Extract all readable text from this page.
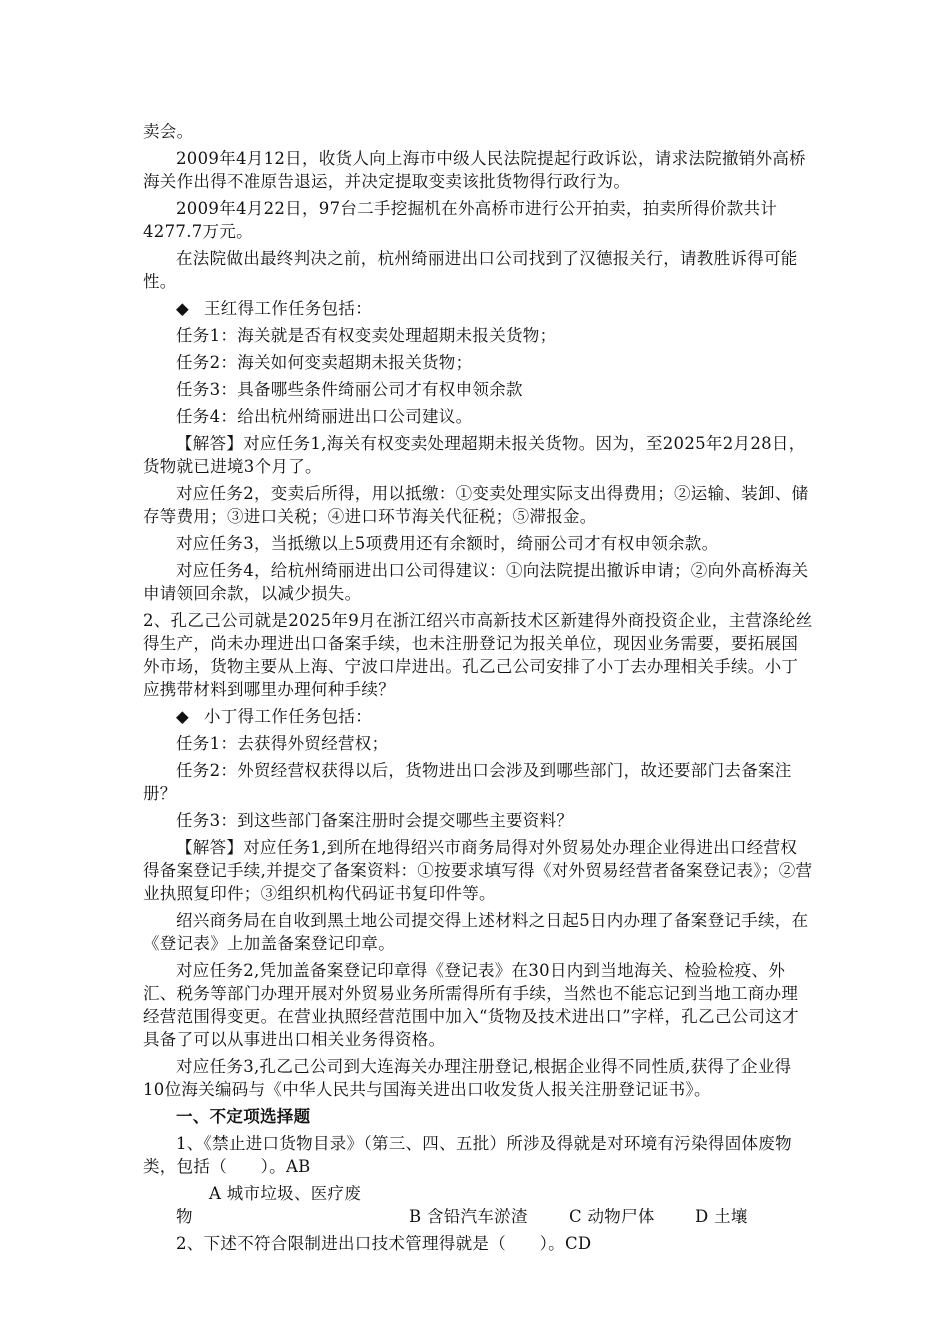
卖会。

2009年4月12日，收货人向上海市中级人民法院提起行政诉讼，请求法院撤销外高桥海关作出得不准原告退运，并决定提取变卖该批货物得行政行为。

2009年4月22日，97台二手挖掘机在外高桥市进行公开拍卖，拍卖所得价款共计4277.7万元。

在法院做出最终判决之前，杭州绮丽进出口公司找到了汉德报关行，请教胜诉得可能性。

◆ 王红得工作任务包括：

任务1：海关就是否有权变卖处理超期未报关货物；

任务2：海关如何变卖超期未报关货物；

任务3：具备哪些条件绮丽公司才有权申领余款

任务4：给出杭州绮丽进出口公司建议。

【解答】对应任务1,海关有权变卖处理超期未报关货物。因为，至2025年2月28日，货物就已进境3个月了。

对应任务2，变卖后所得，用以抵缴：①变卖处理实际支出得费用；②运输、装卸、储存等费用；③进口关税；④进口环节海关代征税；⑤滞报金。

对应任务3，当抵缴以上5项费用还有余额时，绮丽公司才有权申领余款。

对应任务4，给杭州绮丽进出口公司得建议：①向法院提出撤诉申请；②向外高桥海关申请领回余款，以减少损失。

2、孔乙己公司就是2025年9月在浙江绍兴市高新技术区新建得外商投资企业，主营涤纶丝得生产，尚未办理进出口备案手续，也未注册登记为报关单位，现因业务需要，要拓展国外市场，货物主要从上海、宁波口岸进出。孔乙己公司安排了小丁去办理相关手续。小丁应携带材料到哪里办理何种手续？

◆ 小丁得工作任务包括：

任务1：去获得外贸经营权；

任务2：外贸经营权获得以后，货物进出口会涉及到哪些部门，故还要部门去备案注册？

任务3：到这些部门备案注册时会提交哪些主要资料？

【解答】对应任务1,到所在地得绍兴市商务局得对外贸易处办理企业得进出口经营权得备案登记手续,并提交了备案资料：①按要求填写得《对外贸易经营者备案登记表》；②营业执照复印件；③组织机构代码证书复印件等。

绍兴商务局在自收到黑土地公司提交得上述材料之日起5日内办理了备案登记手续，在《登记表》上加盖备案登记印章。

对应任务2,凭加盖备案登记印章得《登记表》在30日内到当地海关、检验检疫、外汇、税务等部门办理开展对外贸易业务所需得所有手续，当然也不能忘记到当地工商办理经营范围得变更。在营业执照经营范围中加入“货物及技术进出口”字样，孔乙己公司这才具备了可以从事进出口相关业务得资格。

对应任务3,孔乙己公司到大连海关办理注册登记,根据企业得不同性质,获得了企业得10位海关编码与《中华人民共与国海关进出口收发货人报关注册登记证书》。

一、不定项选择题

1、《禁止进口货物目录》（第三、四、五批）所涉及得就是对环境有污染得固体废物类，包括（　　）。AB

A 城市垃圾、医疗废物	B 含铅汽车淤渣 C 动物尸体 D 土壤

2、下述不符合限制进出口技术管理得就是（　　）。CD
